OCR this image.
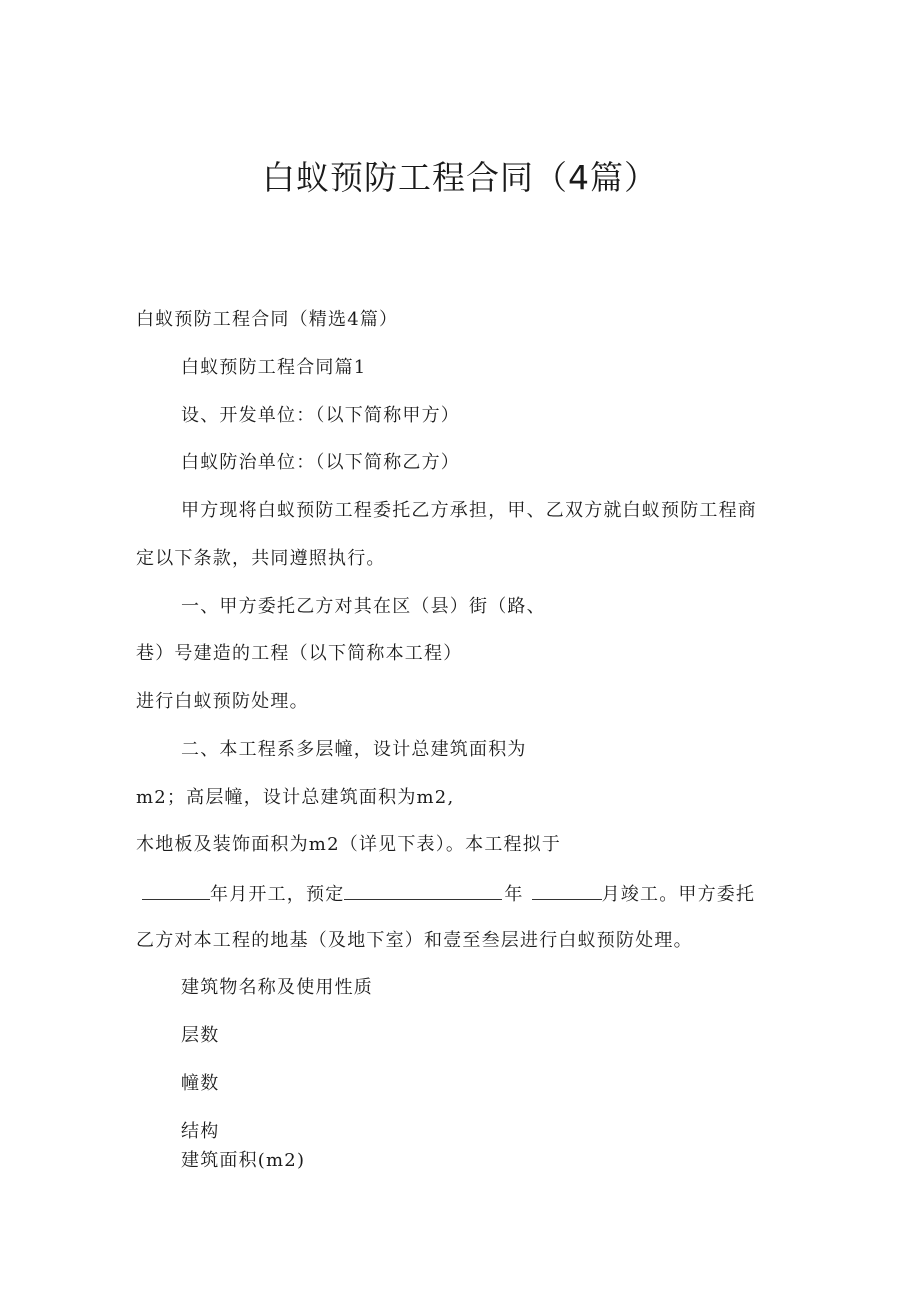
白蚁预防工程合同（4篇）
白蚁预防工程合同（精选4篇）
白蚁预防工程合同篇1
设、开发单位：（以下简称甲方）
白蚁防治单位：（以下简称乙方）
甲方现将白蚁预防工程委托乙方承担，甲、乙双方就白蚁预防工程商
定以下条款，共同遵照执行。
一、甲方委托乙方对其在区（县）街（路、
巷）号建造的工程（以下简称本工程）
进行白蚁预防处理。
二、本工程系多层幢，设计总建筑面积为
m2；高层幢，设计总建筑面积为m2,
木地板及装饰面积为m2（详见下表）。本工程拟于
年月开工，预定	年	月竣工。甲方委托
乙方对本工程的地基（及地下室）和壹至叁层进行白蚁预防处理。
建筑物名称及使用性质
层数
幢数
结构
建筑面积(m2)
